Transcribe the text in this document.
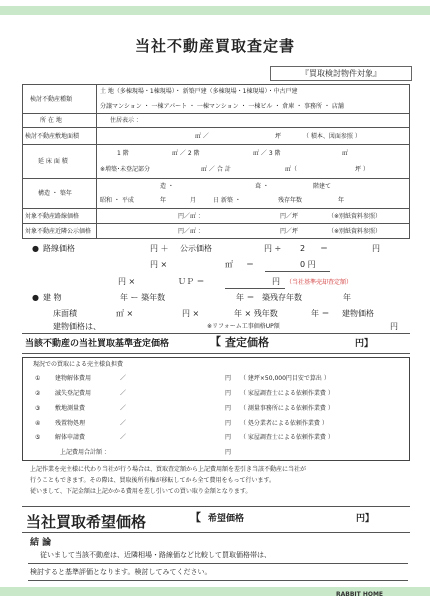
当社不動産買取査定書
『買取検討物件対象』
検討不動産種類
土 地（多棟現場・1棟現場）・ 新築戸建（多棟現場・1棟現場）・中古戸建
分譲マンション ・ 一棟アパート ・ 一棟マンション ・ 一棟ビル ・ 倉庫 ・ 事務所 ・ 店舗
所 在 地	住居表示 ：
検討不動産敷地面積	㎡ ／	坪	（ 積本、図面参照 ）
延 床 面 積
1 階	㎡ ／ 2 階	㎡ ／ 3 階	㎡
※増築･未登記部分	㎡ ／ 合 計	㎡（	坪 ）
構造 ・ 築年
造 ・	葺 ・	階建て
昭和 ・ 平成	年	月	日 新築 ・	残存年数	年
対象不動産路線価格	円／㎡ ：	円／坪	（※別紙資料参照）
対象不動産近隣公示価格	円／㎡ ：	円／坪	（※別紙資料参照）
● 路線価格	円 ＋ 公示価格	円 ÷ 2 ＝	円
円 ×	㎡ ＝	0 円
円 ×	ＵＰ ＝	円 （当社基準売却査定額）
● 建 物	年 ー 築年数	年 ＝ 築残存年数	年
床面積	㎡ ×	円 ×	年 × 残年数	年 ＝ 建物価格
建物価格は、	※リフォーム工事価格UP額	円
当該不動産の当社買取基準査定価格	【 査定価格	円】
現況での買取による売主様負担費
① 建物解体費用	／	円 （ 建坪×50,000円目安で算出 ）
② 滅失登記費用	／	円 （ 家屋調査士による依頼作業費 ）
③ 敷地測量費	／	円 （ 測量事務所による依頼作業費 ）
④ 残置物処理	／	円 （ 処分業者による依頼作業費 ）
⑤ 解体申請費	／	円 （ 家屋調査士による依頼作業費 ）
上記費用合計額 ：	円
上記作業を売主様に代わり当社が行う場合は、買取査定額から上記費用額を差引き当該不動産に当社が
行うこともできます。その際は、買取後所有権が移転してから全て費用をもって行います。
従いまして、下記金額は上記かかる費用を差し引いての買い取り金額となります。
当社買取希望価格	【 希望価格	円】
結 論
従いまして当該不動産は、近隣相場・路線価など比較して買取価格帯は、
検討すると基準評価となります。検討してみてください。
RABBIT HOME
